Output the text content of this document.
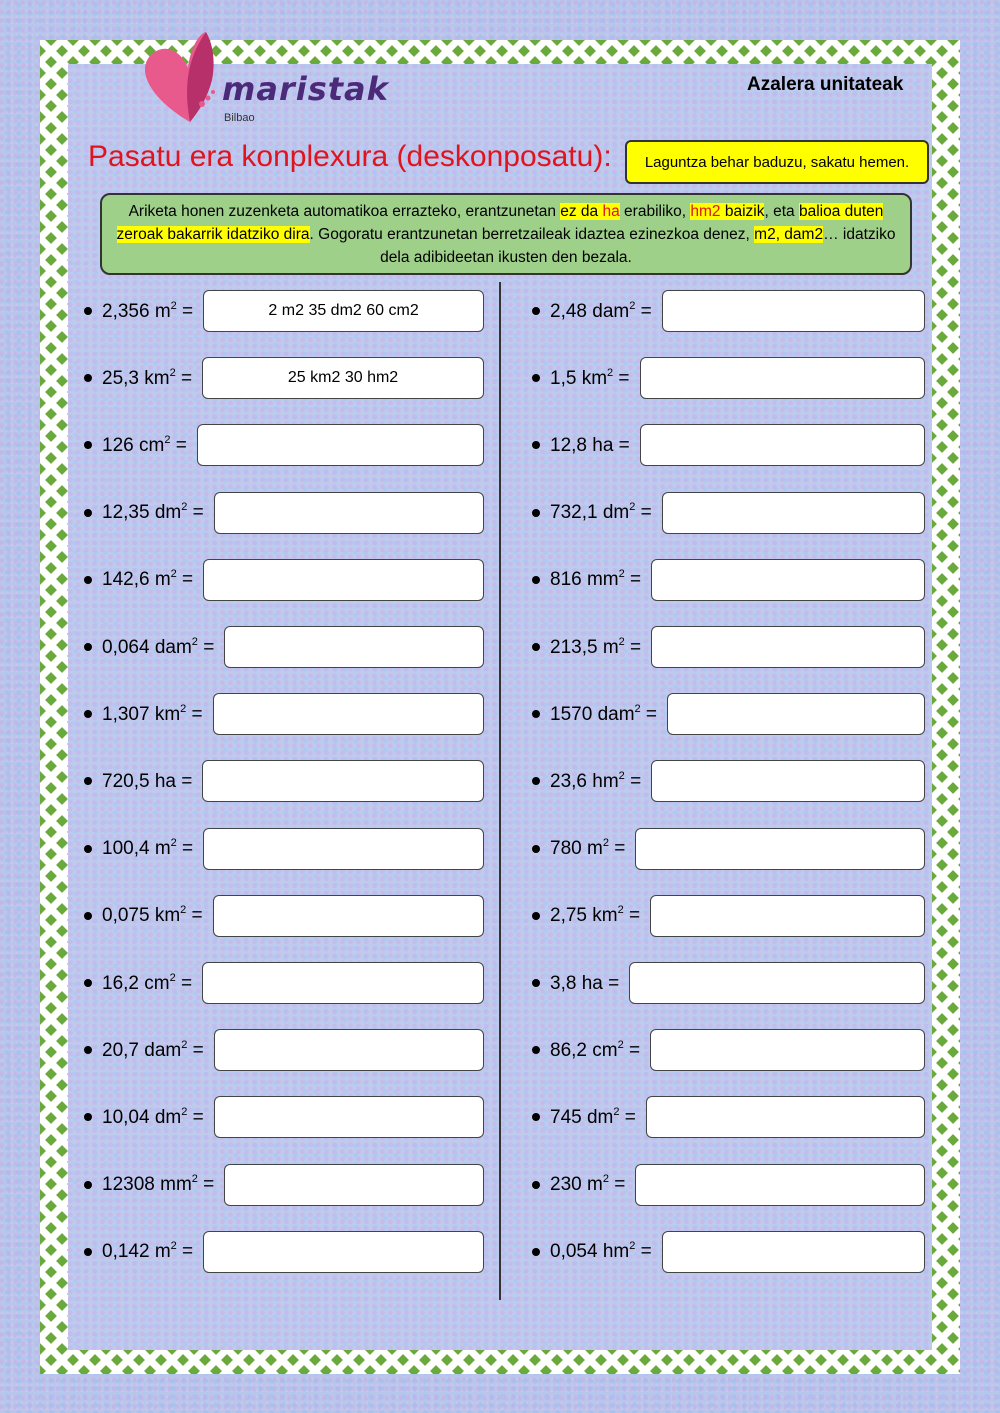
maristak
Bilbao
Azalera unitateak
Pasatu era konplexura (deskonposatu):	Laguntza behar baduzu, sakatu hemen.
Ariketa honen zuzenketa automatikoa errazteko, erantzunetan ez da ha erabiliko, hm2 baizik, eta balioa duten zeroak bakarrik idatziko dira. Gogoratu erantzunetan berretzaileak idaztea ezinezkoa denez, m2, dam2… idatziko dela adibideetan ikusten den bezala.
2,356 $m^2$ =
2 m2 35 dm2 60 cm2
25,3 $km^2$ =
25 km2 30 hm2
126 $cm^2$ =
12,35 $dm^2$ =
142,6 $m^2$ =
0,064 dam$^2$ =
1,307 $km^2$ =
720,5 ha =
100,4 $m^2$ =
0,075 $km^2$ =
16,2 $cm^2$ =
20,7 dam$^2$ =
10,04 $dm^2$ =
12308 $mm^2$ =
0,142 $m^2$ =
2,48 dam$^2$ =
1,5 $km^2$ =
12,8 ha =
732,1 $dm^2$ =
816 $mm^2$ =
213,5 $m^2$ =
1570 dam$^2$ =
23,6 $hm^2$ =
780 $m^2$ =
2,75 $km^2$ =
3,8 ha =
86,2 $cm^2$ =
745 $dm^2$ =
230 $m^2$ =
0,054 $hm^2$ =
